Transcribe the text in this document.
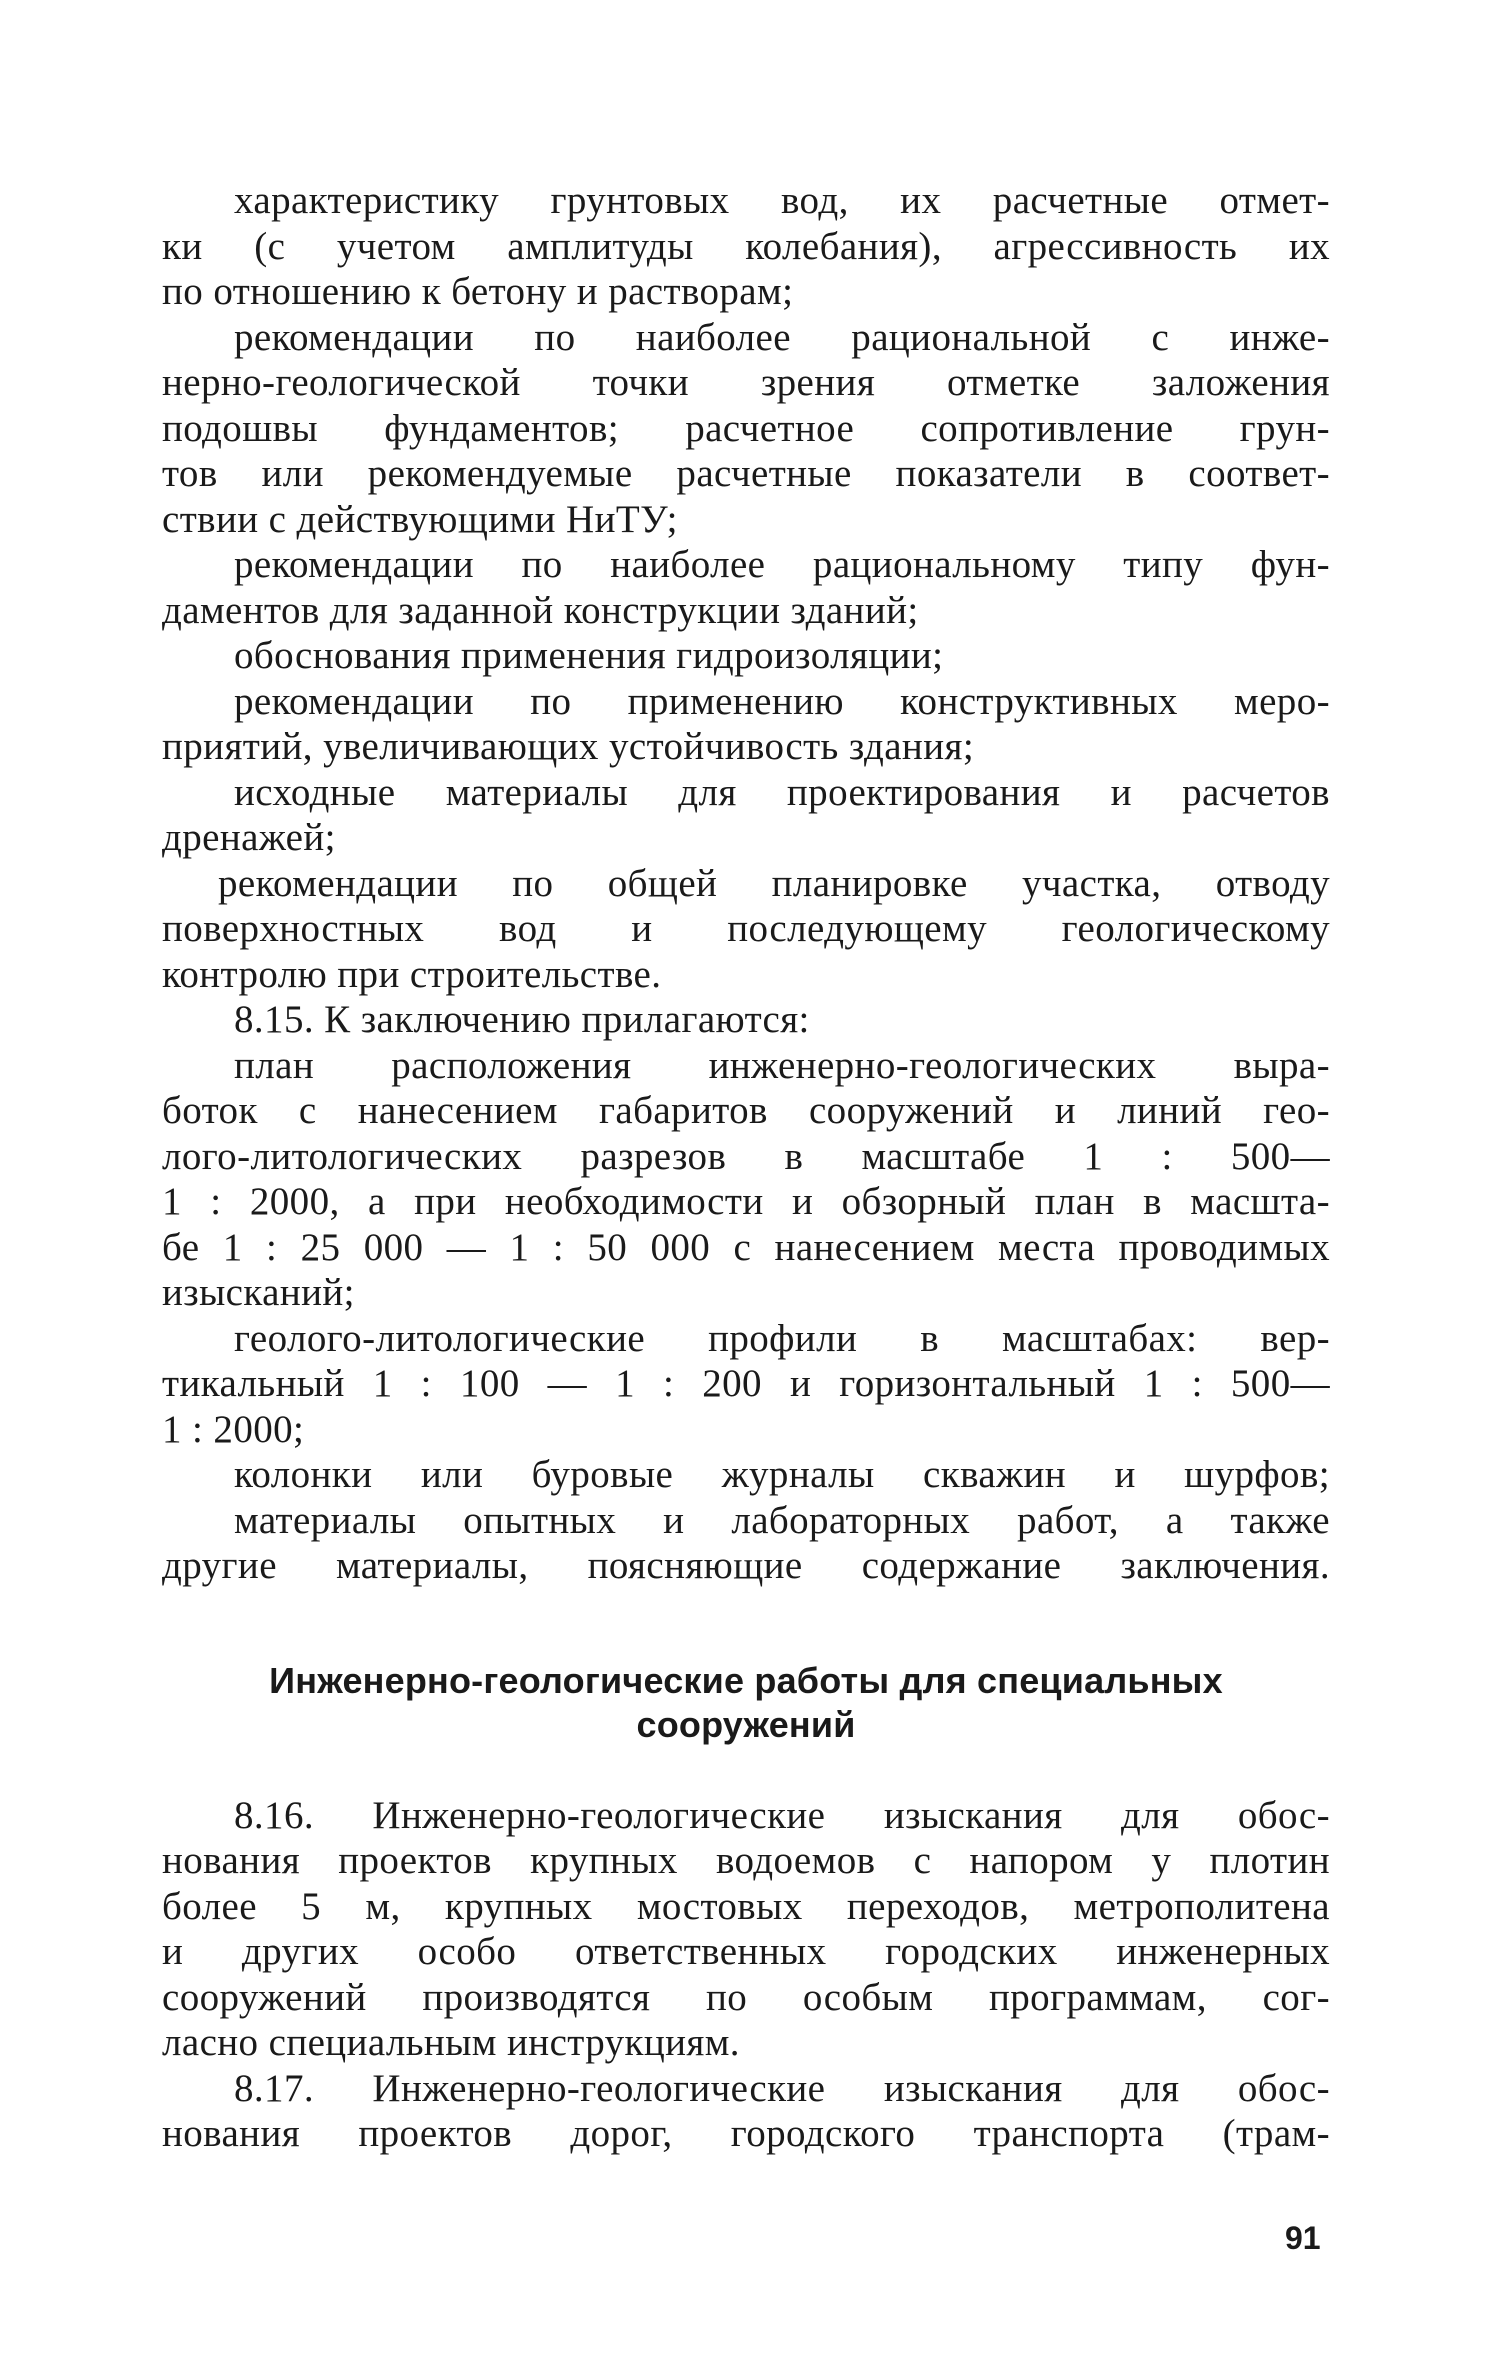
характеристику грунтовых вод, их расчетные отмет-
ки (с учетом амплитуды колебания), агрессивность их
по отношению к бетону и растворам;
рекомендации по наиболее рациональной с инже-
нерно-геологической точки зрения отметке заложения
подошвы фундаментов; расчетное сопротивление грун-
тов или рекомендуемые расчетные показатели в соответ-
ствии с действующими НиТУ;
рекомендации по наиболее рациональному типу фун-
даментов для заданной конструкции зданий;
обоснования применения гидроизоляции;
рекомендации по применению конструктивных меро-
приятий, увеличивающих устойчивость здания;
исходные материалы для проектирования и расчетов
дренажей;
рекомендации по общей планировке участка, отводу
поверхностных вод и последующему геологическому
контролю при строительстве.
8.15. К заключению прилагаются:
план расположения инженерно-геологических выра-
боток с нанесением габаритов сооружений и линий гео-
лого-литологических разрезов в масштабе 1 : 500—
1 : 2000, а при необходимости и обзорный план в масшта-
бе 1 : 25 000 — 1 : 50 000 с нанесением места проводимых
изысканий;
геолого-литологические профили в масштабах: вер-
тикальный 1 : 100 — 1 : 200 и горизонтальный 1 : 500—
1 : 2000;
колонки или буровые журналы скважин и шурфов;
материалы опытных и лабораторных работ, а также
другие материалы, поясняющие содержание заключения.
Инженерно-геологические работы для специальных
сооружений
8.16. Инженерно-геологические изыскания для обос-
нования проектов крупных водоемов с напором у плотин
более 5 м, крупных мостовых переходов, метрополитена
и других особо ответственных городских инженерных
сооружений производятся по особым программам, сог-
ласно специальным инструкциям.
8.17. Инженерно-геологические изыскания для обос-
нования проектов дорог, городского транспорта (трам-
91
